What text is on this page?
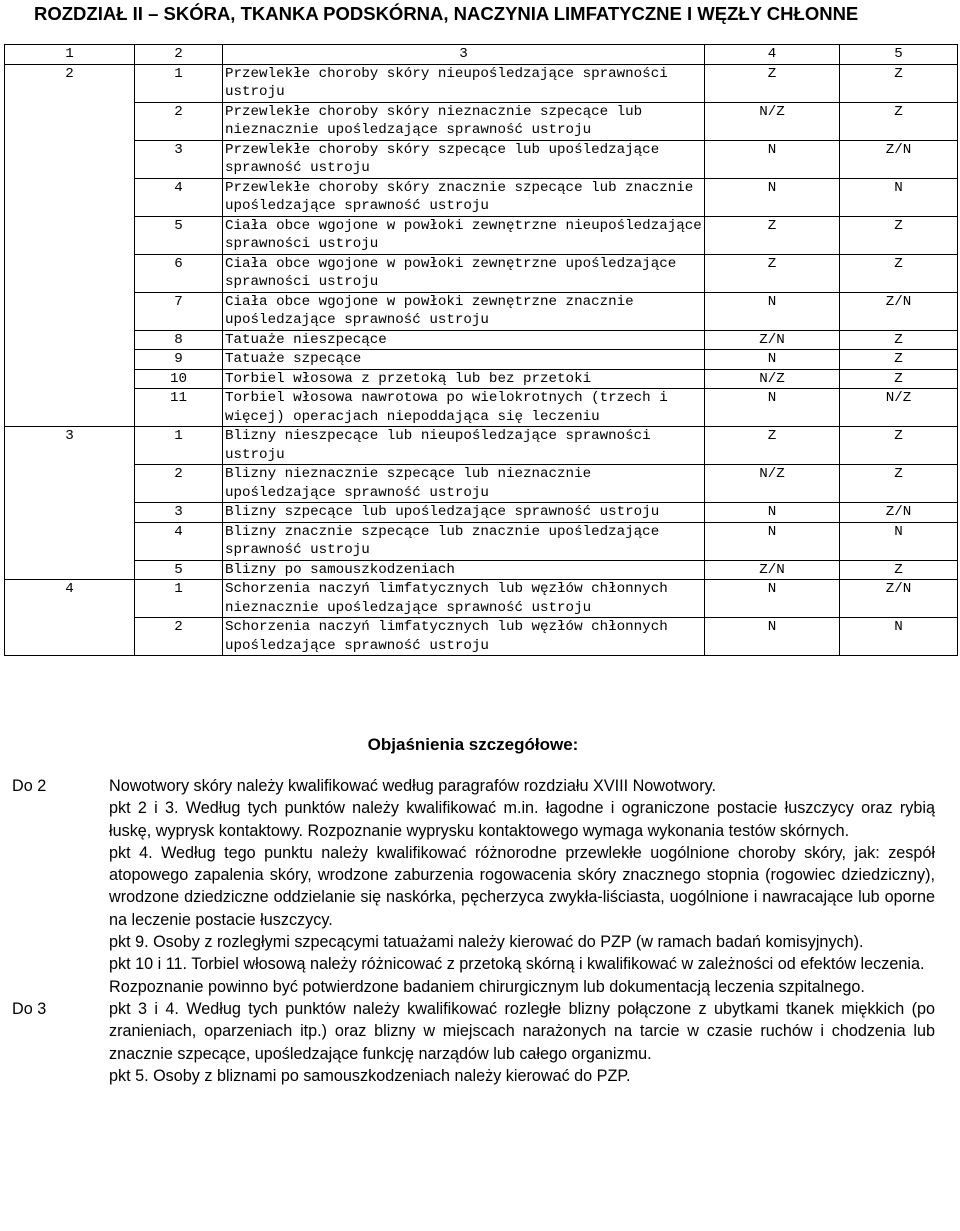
ROZDZIAŁ II – SKÓRA, TKANKA PODSKÓRNA, NACZYNIA LIMFATYCZNE I WĘZŁY CHŁONNE
1	2	3	4	5
2	1	Przewlekłe choroby skóry nieupośledzające sprawności ustroju	Z	Z
	2	Przewlekłe choroby skóry nieznacznie szpecące lub nieznacznie upośledzające sprawność ustroju	N/Z	Z
	3	Przewlekłe choroby skóry szpecące lub upośledzające sprawność ustroju	N	Z/N
	4	Przewlekłe choroby skóry znacznie szpecące lub znacznie upośledzające sprawność ustroju	N	N
	5	Ciała obce wgojone w powłoki zewnętrzne nieupośledzające sprawności ustroju	Z	Z
	6	Ciała obce wgojone w powłoki zewnętrzne upośledzające sprawności ustroju	Z	Z
	7	Ciała obce wgojone w powłoki zewnętrzne znacznie upośledzające sprawność ustroju	N	Z/N
	8	Tatuaże nieszpecące	Z/N	Z
	9	Tatuaże szpecące	N	Z
	10	Torbiel włosowa z przetoką lub bez przetoki	N/Z	Z
	11	Torbiel włosowa nawrotowa po wielokrotnych (trzech i więcej) operacjach niepoddająca się leczeniu	N	N/Z
3	1	Blizny nieszpecące lub nieupośledzające sprawności ustroju	Z	Z
	2	Blizny nieznacznie szpecące lub nieznacznie upośledzające sprawność ustroju	N/Z	Z
	3	Blizny szpecące lub upośledzające sprawność ustroju	N	Z/N
	4	Blizny znacznie szpecące lub znacznie upośledzające sprawność ustroju	N	N
	5	Blizny po samouszkodzeniach	Z/N	Z
4	1	Schorzenia naczyń limfatycznych lub węzłów chłonnych nieznacznie upośledzające sprawność ustroju	N	Z/N
	2	Schorzenia naczyń limfatycznych lub węzłów chłonnych upośledzające sprawność ustroju	N	N
Objaśnienia szczegółowe:
Do 2	Nowotwory skóry należy kwalifikować według paragrafów rozdziału XVIII Nowotwory.

pkt 2 i 3. Według tych punktów należy kwalifikować m.in. łagodne i ograniczone postacie łuszczycy oraz rybią łuskę, wyprysk kontaktowy. Rozpoznanie wyprysku kontaktowego wymaga wykonania testów skórnych.

pkt 4. Według tego punktu należy kwalifikować różnorodne przewlekłe uogólnione choroby skóry, jak: zespół atopowego zapalenia skóry, wrodzone zaburzenia rogowacenia skóry znacznego stopnia (rogowiec dziedziczny), wrodzone dziedziczne oddzielanie się naskórka, pęcherzyca zwykła-liściasta, uogólnione i nawracające lub oporne na leczenie postacie łuszczycy.

pkt 9. Osoby z rozległymi szpecącymi tatuażami należy kierować do PZP (w ramach badań komisyjnych).

pkt 10 i 11. Torbiel włosową należy różnicować z przetoką skórną i kwalifikować w zależności od efektów leczenia.

Rozpoznanie powinno być potwierdzone badaniem chirurgicznym lub dokumentacją leczenia szpitalnego.

Do 3	pkt 3 i 4. Według tych punktów należy kwalifikować rozległe blizny połączone z ubytkami tkanek miękkich (po zranieniach, oparzeniach itp.) oraz blizny w miejscach narażonych na tarcie w czasie ruchów i chodzenia lub znacznie szpecące, upośledzające funkcję narządów lub całego organizmu.

pkt 5. Osoby z bliznami po samouszkodzeniach należy kierować do PZP.
